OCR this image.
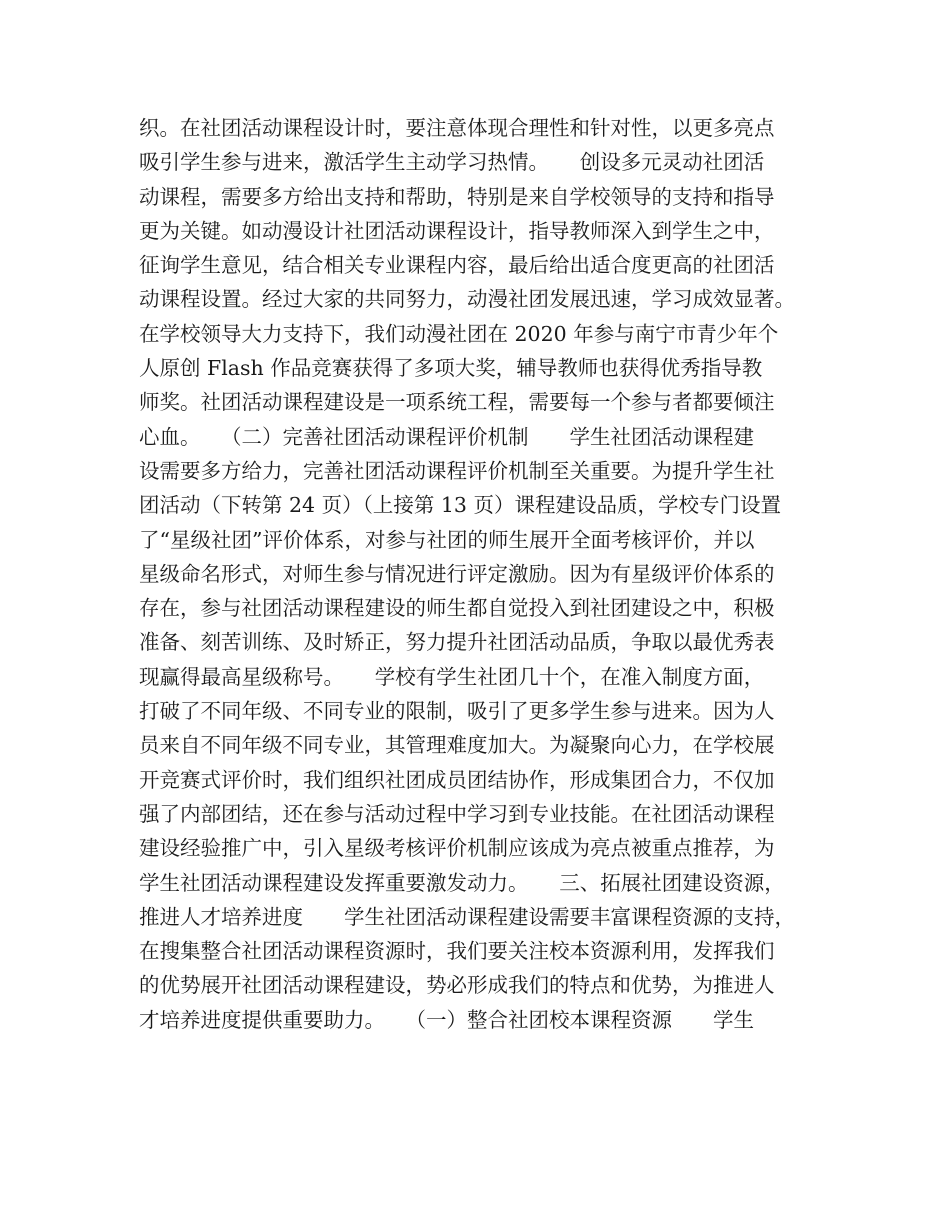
织。在社团活动课程设计时，要注意体现合理性和针对性，以更多亮点
吸引学生参与进来，激活学生主动学习热情。　　创设多元灵动社团活
动课程，需要多方给出支持和帮助，特别是来自学校领导的支持和指导
更为关键。如动漫设计社团活动课程设计，指导教师深入到学生之中，
征询学生意见，结合相关专业课程内容，最后给出适合度更高的社团活
动课程设置。经过大家的共同努力，动漫社团发展迅速，学习成效显著。
在学校领导大力支持下，我们动漫社团在 2020 年参与南宁市青少年个
人原创 Flash 作品竞赛获得了多项大奖，辅导教师也获得优秀指导教
师奖。社团活动课程建设是一项系统工程，需要每一个参与者都要倾注
心血。　　（二）完善社团活动课程评价机制　　学生社团活动课程建
设需要多方给力，完善社团活动课程评价机制至关重要。为提升学生社
团活动（下转第 24 页）（上接第 13 页）课程建设品质，学校专门设置
了“星级社团”评价体系，对参与社团的师生展开全面考核评价，并以
星级命名形式，对师生参与情况进行评定激励。因为有星级评价体系的
存在，参与社团活动课程建设的师生都自觉投入到社团建设之中，积极
准备、刻苦训练、及时矫正，努力提升社团活动品质，争取以最优秀表
现赢得最高星级称号。　　学校有学生社团几十个，在准入制度方面，
打破了不同年级、不同专业的限制，吸引了更多学生参与进来。因为人
员来自不同年级不同专业，其管理难度加大。为凝聚向心力，在学校展
开竞赛式评价时，我们组织社团成员团结协作，形成集团合力，不仅加
强了内部团结，还在参与活动过程中学习到专业技能。在社团活动课程
建设经验推广中，引入星级考核评价机制应该成为亮点被重点推荐，为
学生社团活动课程建设发挥重要激发动力。　　三、拓展社团建设资源，
推进人才培养进度　　学生社团活动课程建设需要丰富课程资源的支持，
在搜集整合社团活动课程资源时，我们要关注校本资源利用，发挥我们
的优势展开社团活动课程建设，势必形成我们的特点和优势，为推进人
才培养进度提供重要助力。　　（一）整合社团校本课程资源　　学生
